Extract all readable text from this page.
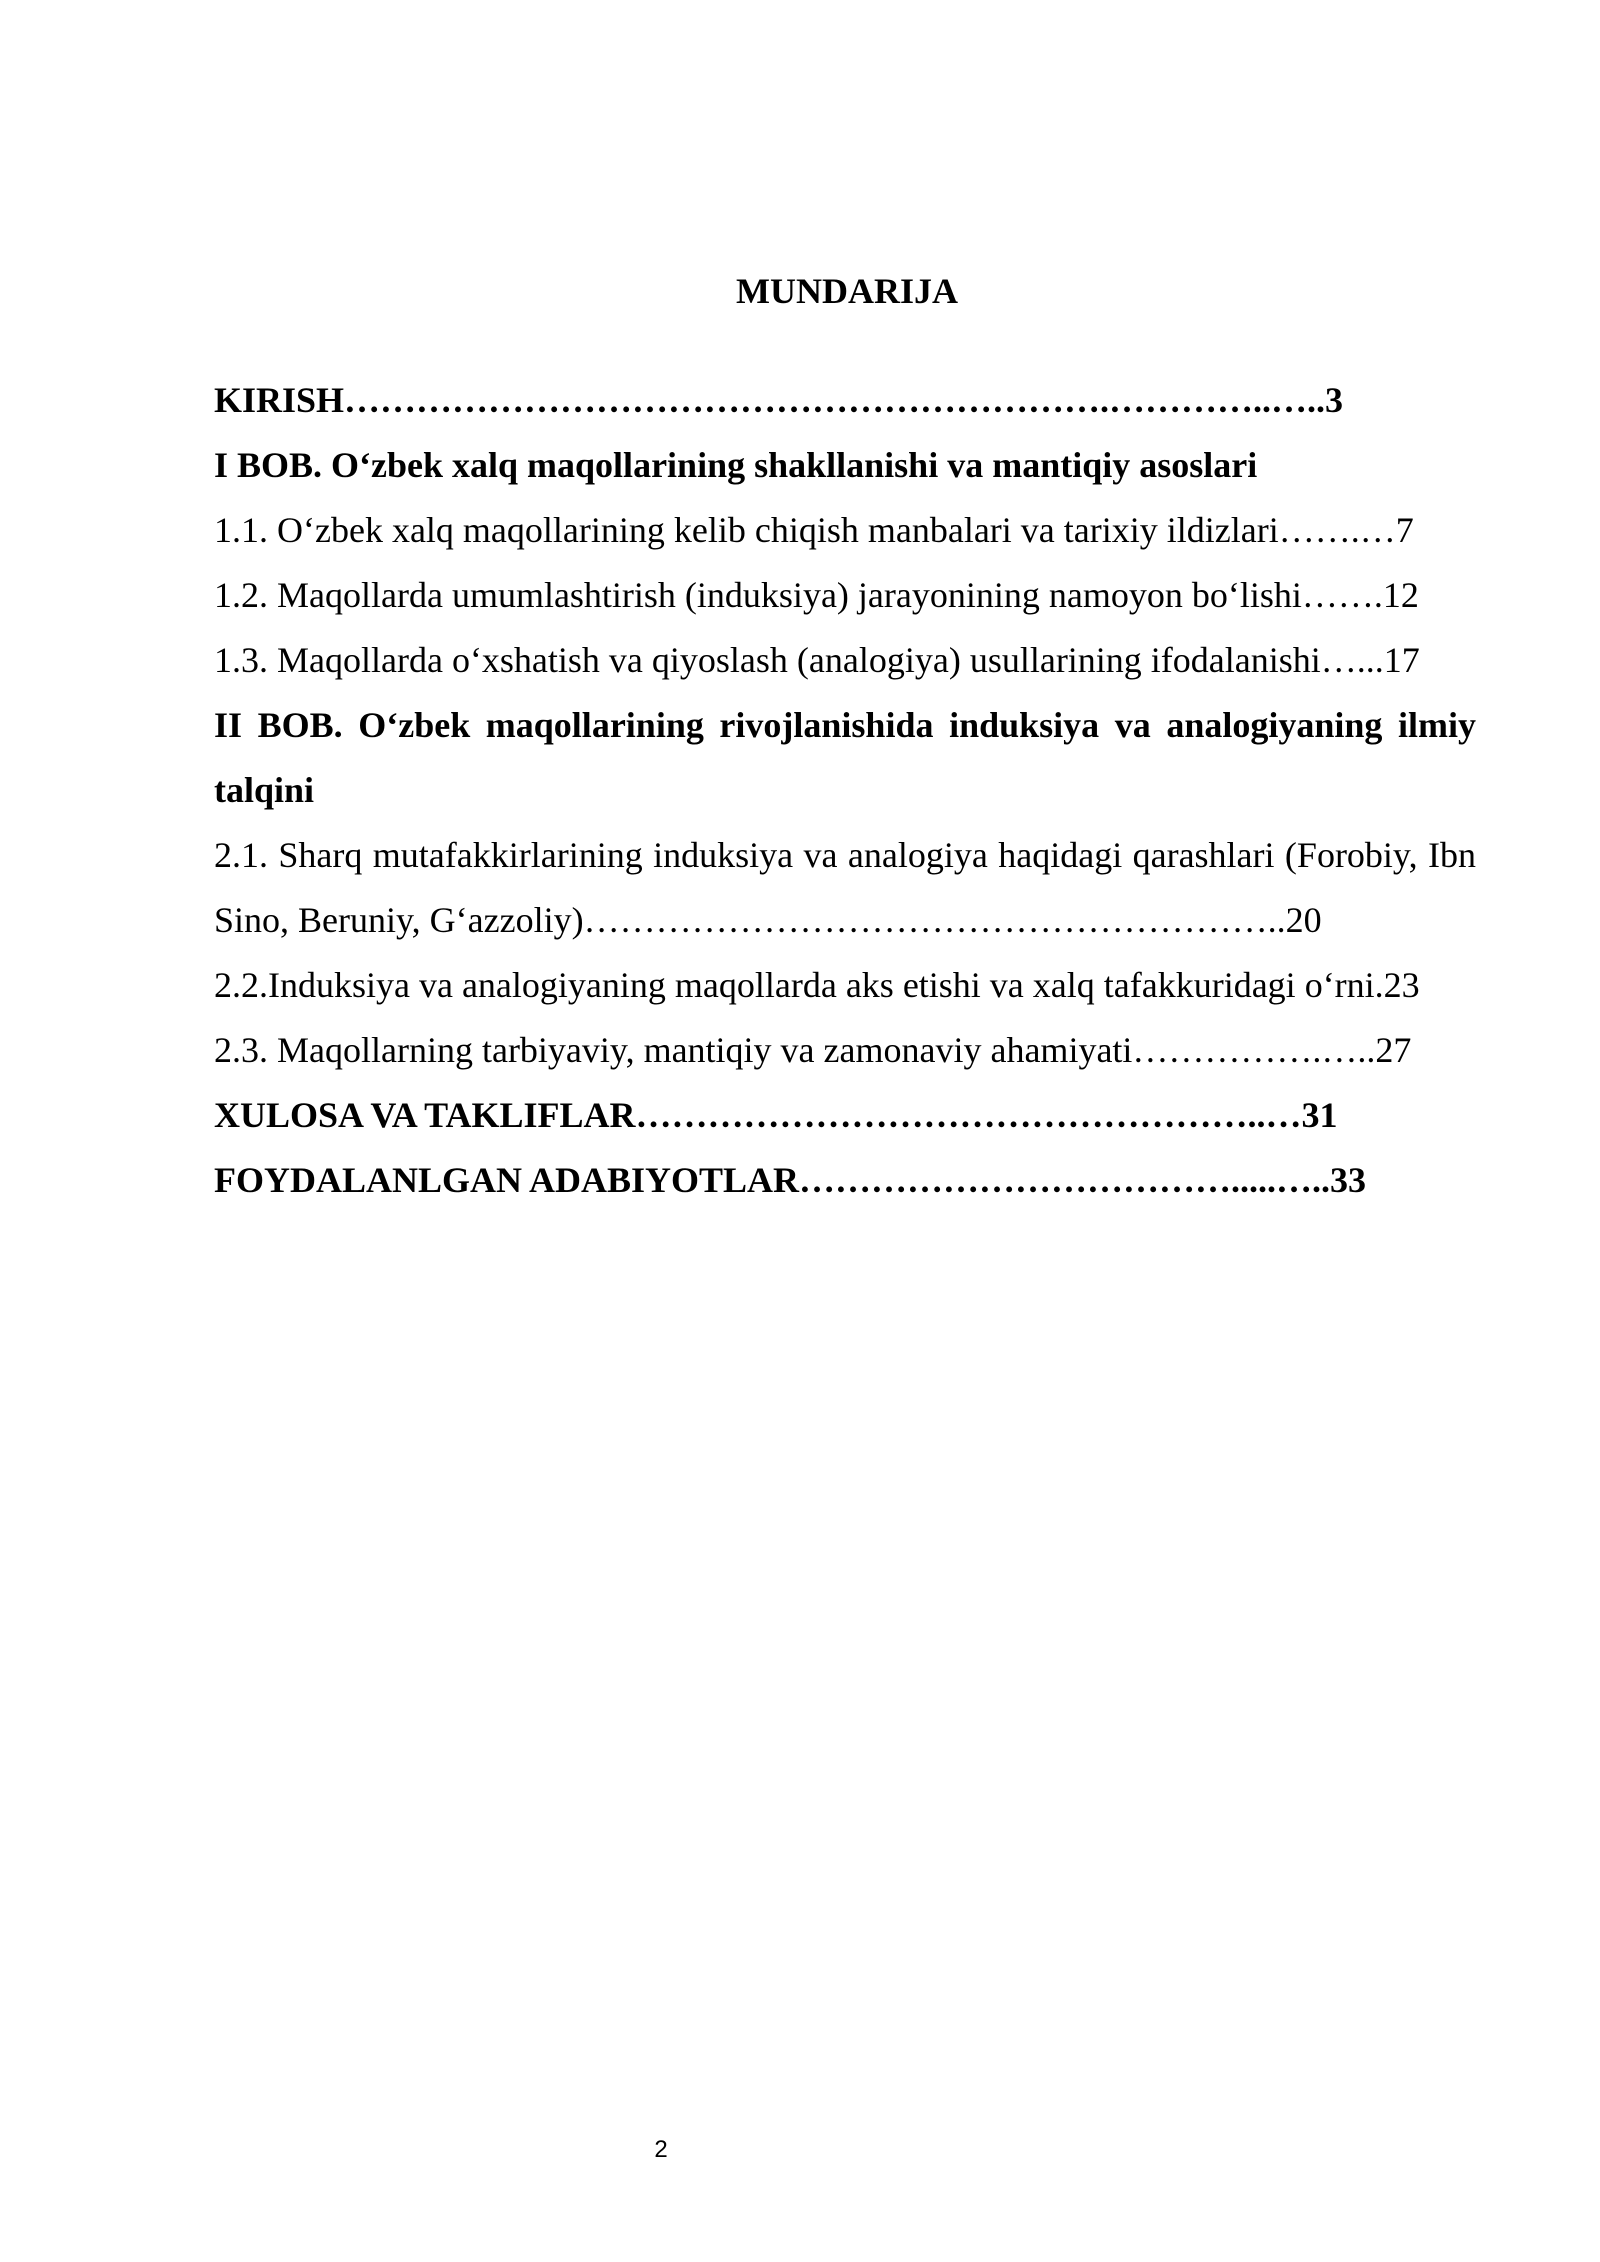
MUNDARIJA
KIRISH……………………………………………………….…………..…..3
I BOB. O‘zbek xalq maqollarining shakllanishi va mantiqiy asoslari
1.1. O‘zbek xalq maqollarining kelib chiqish manbalari va tarixiy ildizlari…….…7
1.2. Maqollarda umumlashtirish (induksiya) jarayonining namoyon bo‘lishi…….12
1.3. Maqollarda o‘xshatish va qiyoslash (analogiya) usullarining ifodalanishi…...17
II BOB. O‘zbek maqollarining rivojlanishida induksiya va analogiyaning ilmiy talqini
2.1. Sharq mutafakkirlarining induksiya va analogiya haqidagi qarashlari (Forobiy, Ibn Sino, Beruniy, G‘azzoliy)…………………………………………………..20
2.2.Induksiya va analogiyaning maqollarda aks etishi va xalq tafakkuridagi o‘rni.23
2.3. Maqollarning tarbiyaviy, mantiqiy va zamonaviy ahamiyati…………….…..27
XULOSA VA TAKLIFLAR……………………………………………..…31
FOYDALANLGAN ADABIYOTLAR……………………………….....…..33
2
